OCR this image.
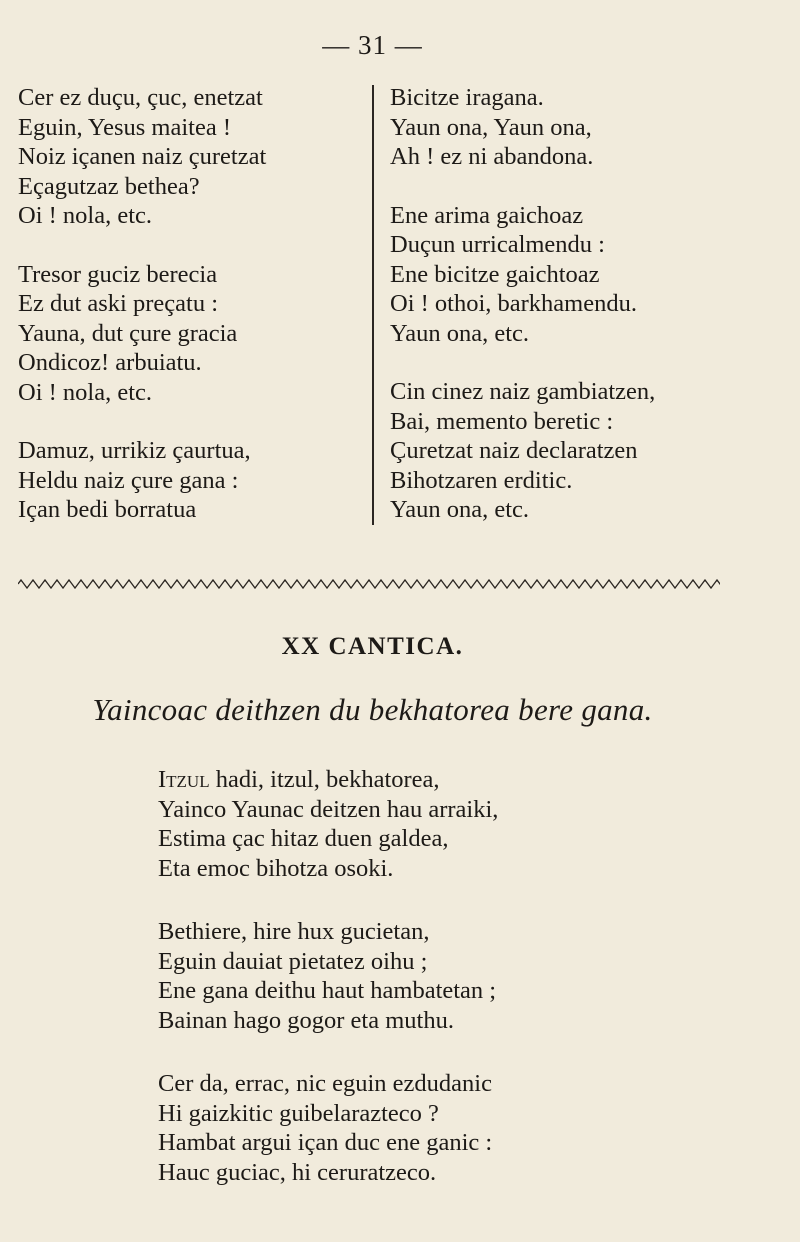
— 31 —
Cer ez duçu, çuc, enetzat
Eguin, Yesus maitea !
Noiz içanen naiz çuretzat
Eçagutzaz bethea?
Oi ! nola, etc.
Tresor guciz berecia
Ez dut aski preçatu :
Yauna, dut çure gracia
Ondicoz! arbuiatu.
Oi ! nola, etc.
Damuz, urrikiz çaurtua,
Heldu naiz çure gana :
Içan bedi borratua
Bicitze iragana.
Yaun ona, Yaun ona,
Ah ! ez ni abandona.
Ene arima gaichoaz
Duçun urricalmendu :
Ene bicitze gaichtoaz
Oi ! othoi, barkhamendu.
Yaun ona, etc.
Cin cinez naiz gambiatzen,
Bai, memento beretic :
Çuretzat naiz declaratzen
Bihotzaren erditic.
Yaun ona, etc.
XX CANTICA.
Yaincoac deithzen du bekhatorea bere gana.
Itzul hadi, itzul, bekhatorea,
Yainco Yaunac deitzen hau arraiki,
Estima çac hitaz duen galdea,
Eta emoc bihotza osoki.
Bethiere, hire hux gucietan,
Eguin dauiat pietatez oihu ;
Ene gana deithu haut hambatetan ;
Bainan hago gogor eta muthu.
Cer da, errac, nic eguin ezdudanic
Hi gaizkitic guibelarazteco ?
Hambat argui içan duc ene ganic :
Hauc guciac, hi ceruratzeco.
